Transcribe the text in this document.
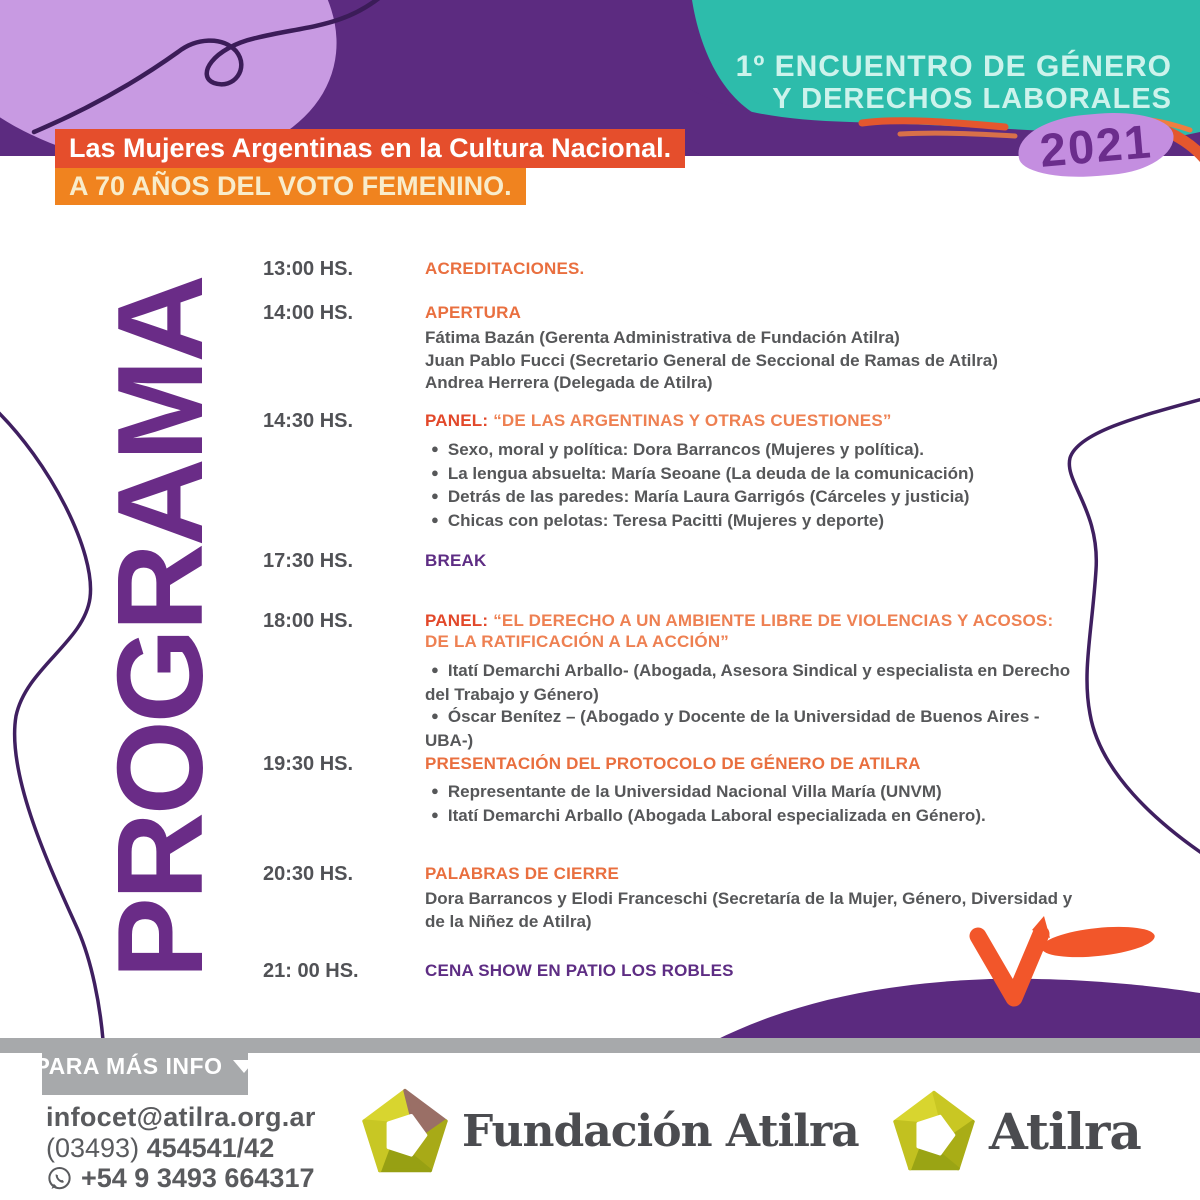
1º ENCUENTRO DE GÉNERO
Y DERECHOS LABORALES
2021
Las Mujeres Argentinas en la Cultura Nacional.
A 70 AÑOS DEL VOTO FEMENINO.
PROGRAMA
13:00 HS.	ACREDITACIONES.
14:00 HS.	APERTURA
Fátima Bazán (Gerenta Administrativa de Fundación Atilra)
Juan Pablo Fucci (Secretario General de Seccional de Ramas de Atilra)
Andrea Herrera (Delegada de Atilra)
14:30 HS.	PANEL: “DE LAS ARGENTINAS Y OTRAS CUESTIONES”
● Sexo, moral y política: Dora Barrancos (Mujeres y política).
● La lengua absuelta: María Seoane (La deuda de la comunicación)
● Detrás de las paredes: María Laura Garrigós (Cárceles y justicia)
● Chicas con pelotas: Teresa Pacitti (Mujeres y deporte)
17:30 HS.	BREAK
18:00 HS.	PANEL: “EL DERECHO A UN AMBIENTE LIBRE DE VIOLENCIAS Y ACOSOS: DE LA RATIFICACIÓN A LA ACCIÓN”
● Itatí Demarchi Arballo- (Abogada, Asesora Sindical y especialista en Derecho del Trabajo y Género)
● Óscar Benítez – (Abogado y Docente de la Universidad de Buenos Aires -UBA-)
19:30 HS.	PRESENTACIÓN DEL PROTOCOLO DE GÉNERO DE ATILRA
● Representante de la Universidad Nacional Villa María (UNVM)
● Itatí Demarchi Arballo (Abogada Laboral especializada en Género).
20:30 HS.	PALABRAS DE CIERRE
Dora Barrancos y Elodi Franceschi (Secretaría de la Mujer, Género, Diversidad y de la Niñez de Atilra)
21: 00 HS.	CENA SHOW EN PATIO LOS ROBLES
PARA MÁS INFO
infocet@atilra.org.ar
(03493) 454541/42
+54 9 3493 664317
Fundación Atilra	Atilra
